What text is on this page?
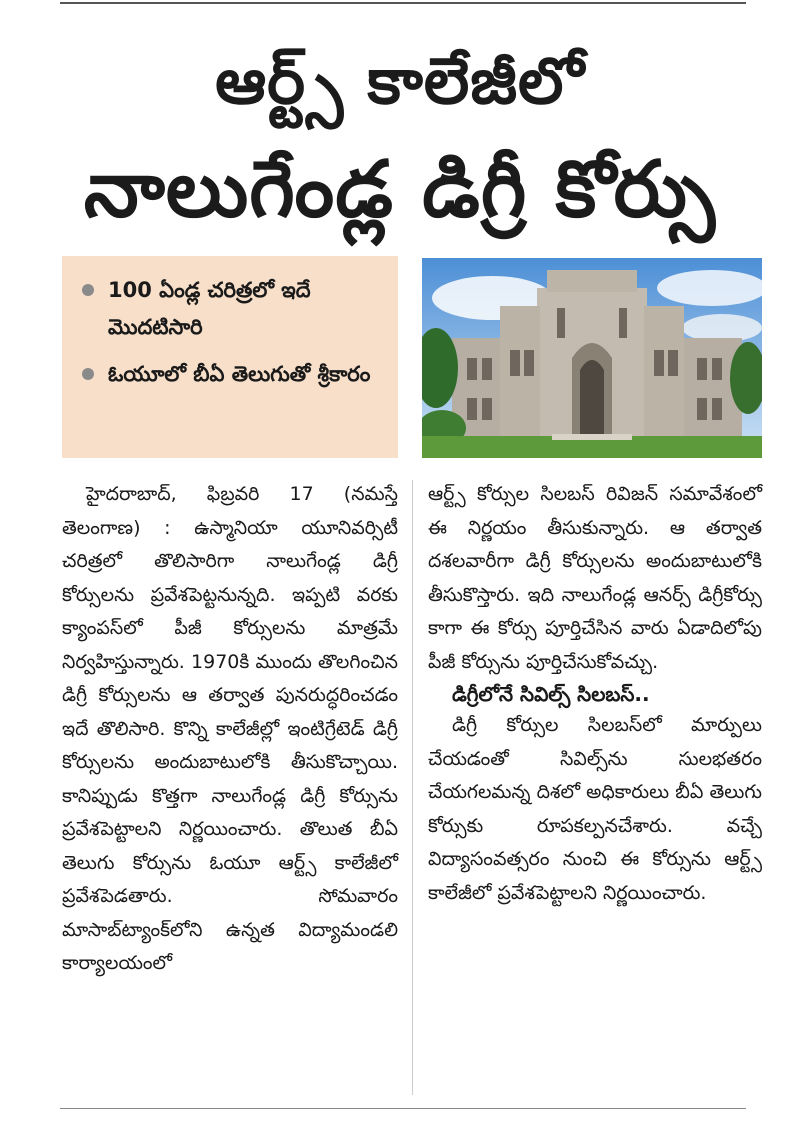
ఆర్ట్స్ కాలేజీలో
నాలుగేండ్ల డిగ్రీ కోర్సు
100 ఏండ్ల చరిత్రలో ఇదే మొదటిసారి
ఓయూలో బీఏ తెలుగుతో శ్రీకారం

హైదరాబాద్, ఫిబ్రవరి 17 (నమస్తే తెలంగాణ) : ఉస్మానియా యూనివర్సిటీ చరిత్రలో తొలిసారిగా నాలుగేండ్ల డిగ్రీ కోర్సులను ప్రవేశపెట్టనున్నది. ఇప్పటి వరకు క్యాంపస్‌లో పీజీ కోర్సులను మాత్రమే నిర్వహిస్తున్నారు. 1970కి ముందు తొలగించిన డిగ్రీ కోర్సులను ఆ తర్వాత పునరుద్ధరించడం ఇదే తొలిసారి. కొన్ని కాలేజీల్లో ఇంటిగ్రేటెడ్ డిగ్రీ కోర్సులను అందుబాటులోకి తీసుకొచ్చాయి. కానిప్పుడు కొత్తగా నాలుగేండ్ల డిగ్రీ కోర్సును ప్రవేశపెట్టాలని నిర్ణయించారు. తొలుత బీఏ తెలుగు కోర్సును ఓయూ ఆర్ట్స్ కాలేజీలో ప్రవేశపెడతారు. సోమవారం మాసాబ్‌ట్యాంక్‌లోని ఉన్నత విద్యామండలి కార్యాలయంలో

ఆర్ట్స్ కోర్సుల సిలబస్ రివిజన్ సమావేశంలో ఈ నిర్ణయం తీసుకున్నారు. ఆ తర్వాత దశలవారీగా డిగ్రీ కోర్సులను అందుబాటులోకి తీసుకొస్తారు. ఇది నాలుగేండ్ల ఆనర్స్ డిగ్రీకోర్సు కాగా ఈ కోర్సు పూర్తిచేసిన వారు ఏడాదిలోపు పీజీ కోర్సును పూర్తిచేసుకోవచ్చు.

డిగ్రీలోనే సివిల్స్ సిలబస్..

డిగ్రీ కోర్సుల సిలబస్‌లో మార్పులు చేయడంతో సివిల్స్‌ను సులభతరం చేయగలమన్న దిశలో అధికారులు బీఏ తెలుగు కోర్సుకు రూపకల్పనచేశారు. వచ్చే విద్యాసంవత్సరం నుంచి ఈ కోర్సును ఆర్ట్స్ కాలేజీలో ప్రవేశపెట్టాలని నిర్ణయించారు.
